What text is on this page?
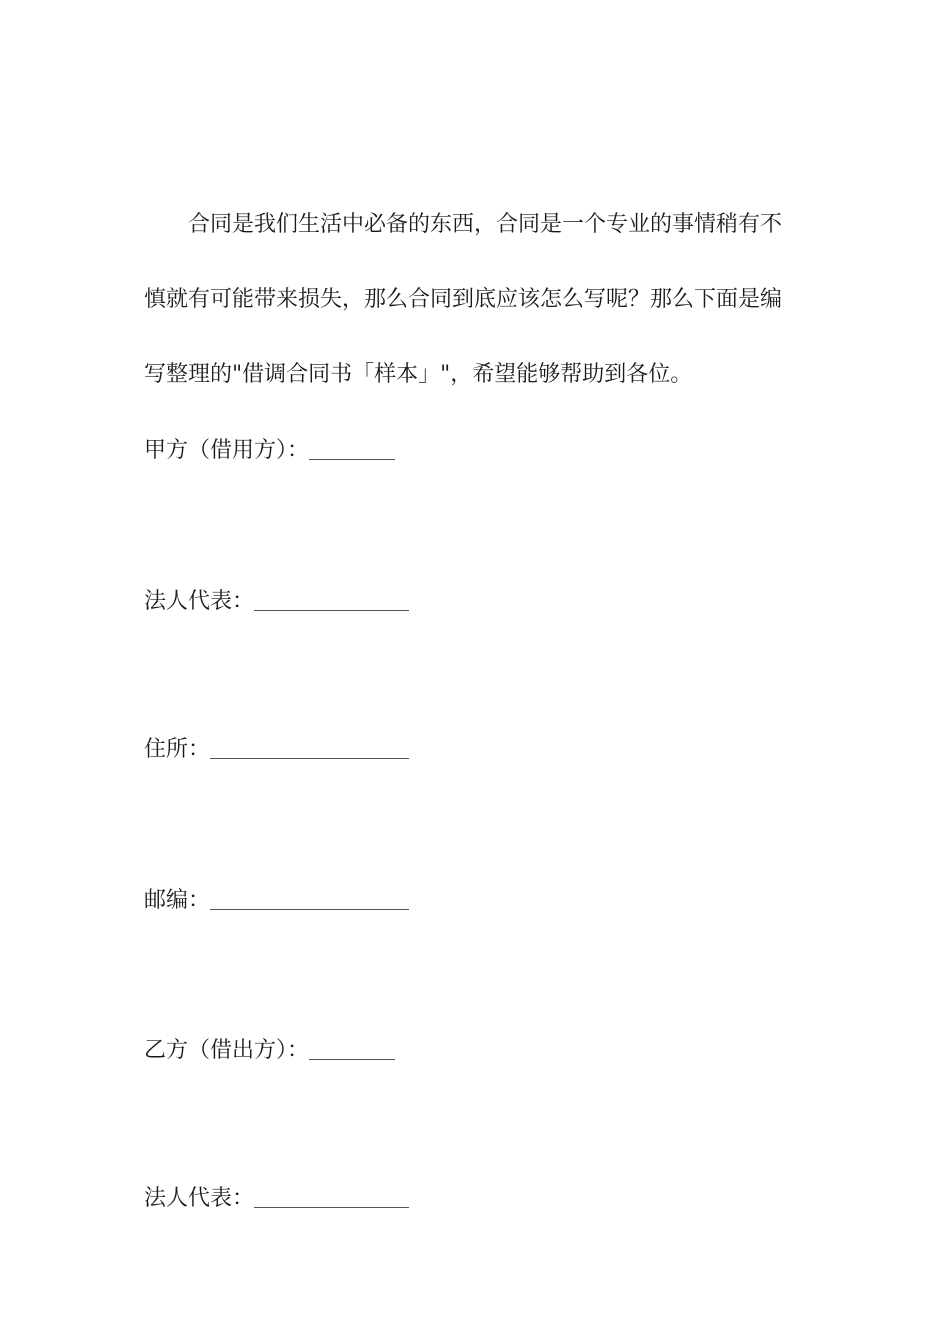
合同是我们生活中必备的东西，合同是一个专业的事情稍有不
慎就有可能带来损失，那么合同到底应该怎么写呢？那么下面是编
写整理的"借调合同书「样本」"，希望能够帮助到各位。
甲方（借用方）：
法人代表：
住所：
邮编：
乙方（借出方）：
法人代表：
